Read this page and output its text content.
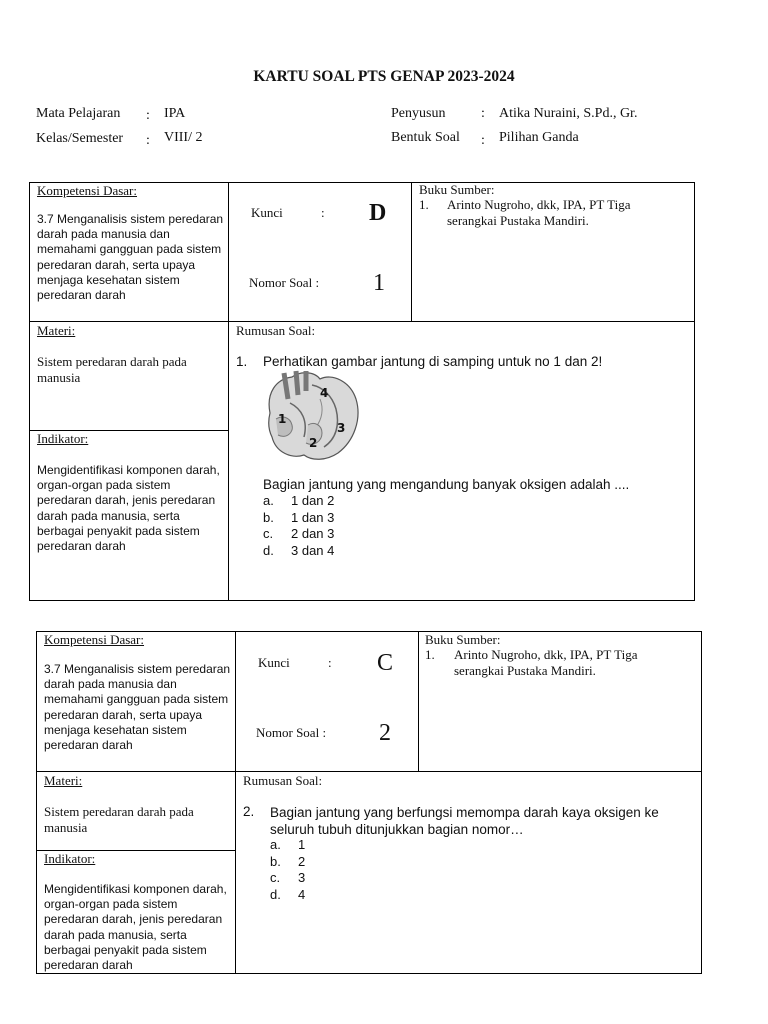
KARTU SOAL PTS GENAP 2023-2024
Mata Pelajaran : IPA
Kelas/Semester : VIII/ 2
Penyusun	: Atika Nuraini, S.Pd., Gr.
Bentuk Soal : Pilihan Ganda
Kompetensi Dasar:
3.7 Menganalisis sistem peredaran darah pada manusia dan memahami gangguan pada sistem peredaran darah, serta upaya menjaga kesehatan sistem peredaran darah
Kunci	: D
Nomor Soal : 1
Buku Sumber:
1. Arinto Nugroho, dkk, IPA, PT Tiga
serangkai Pustaka Mandiri.
Materi:
Sistem peredaran darah pada manusia
Indikator:
Mengidentifikasi komponen darah, organ-organ pada sistem peredaran darah, jenis peredaran darah pada manusia, serta berbagai penyakit pada sistem peredaran darah
Rumusan Soal:
1. Perhatikan gambar jantung di samping untuk no 1 dan 2!
1
2
3
4
Bagian jantung yang mengandung banyak oksigen adalah ....
a. 1 dan 2
b. 1 dan 3
c. 2 dan 3
d. 3 dan 4
Kompetensi Dasar:
3.7 Menganalisis sistem peredaran darah pada manusia dan memahami gangguan pada sistem peredaran darah, serta upaya menjaga kesehatan sistem peredaran darah
Kunci	: C
Nomor Soal : 2
Buku Sumber:
1. Arinto Nugroho, dkk, IPA, PT Tiga
serangkai Pustaka Mandiri.
Materi:
Sistem peredaran darah pada manusia
Indikator:
Mengidentifikasi komponen darah, organ-organ pada sistem peredaran darah, jenis peredaran darah pada manusia, serta berbagai penyakit pada sistem peredaran darah
Rumusan Soal:
2. Bagian jantung yang berfungsi memompa darah kaya oksigen ke seluruh tubuh ditunjukkan bagian nomor…
a. 1
b. 2
c. 3
d. 4
